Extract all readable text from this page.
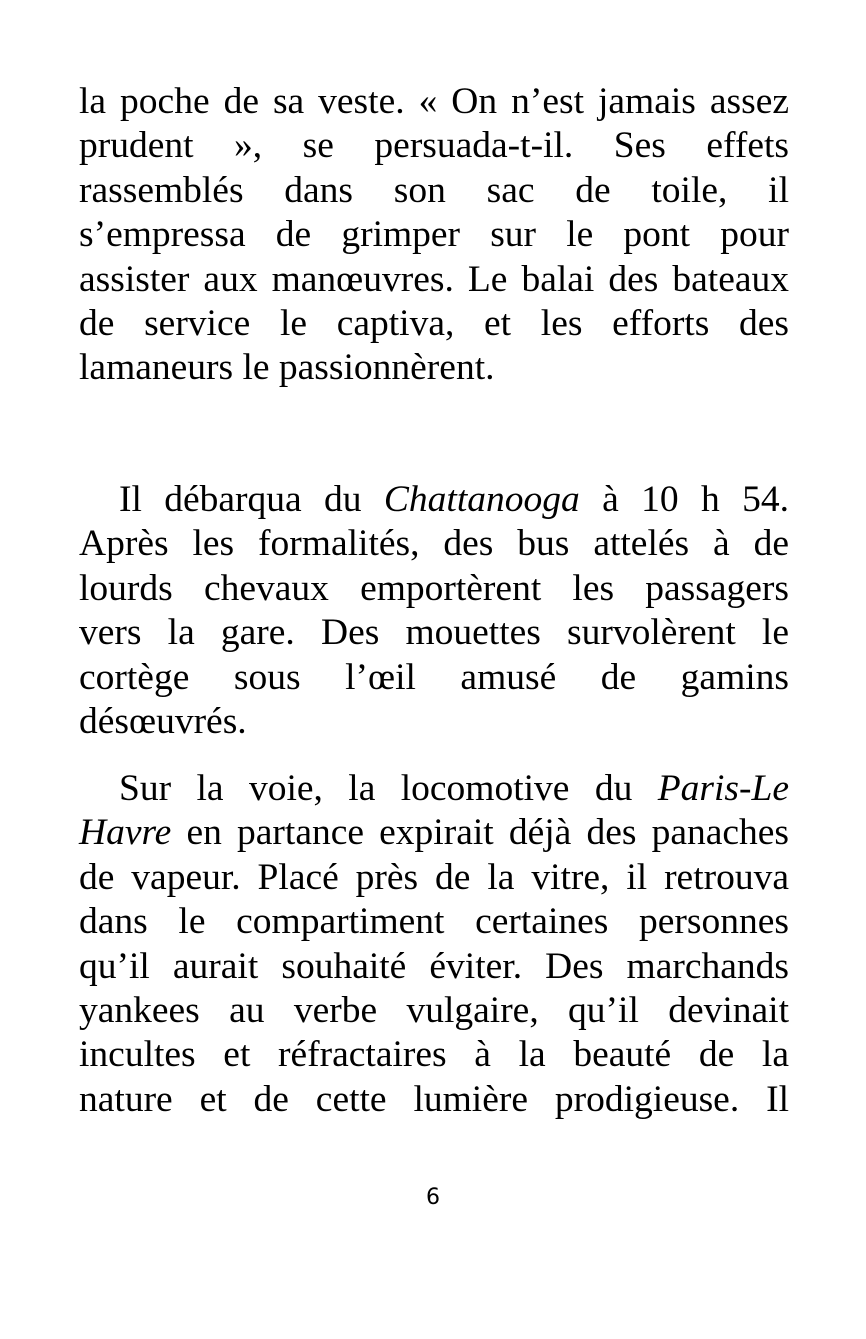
la poche de sa veste. « On n’est jamais assez
prudent », se persuada-t-il. Ses effets
rassemblés dans son sac de toile, il
s’empressa de grimper sur le pont pour
assister aux manœuvres. Le balai des bateaux
de service le captiva, et les efforts des
lamaneurs le passionnèrent.
Il débarqua du Chattanooga à 10 h 54.
Après les formalités, des bus attelés à de
lourds chevaux emportèrent les passagers
vers la gare. Des mouettes survolèrent le
cortège sous l’œil amusé de gamins
désœuvrés.
Sur la voie, la locomotive du Paris-Le
Havre en partance expirait déjà des panaches
de vapeur. Placé près de la vitre, il retrouva
dans le compartiment certaines personnes
qu’il aurait souhaité éviter. Des marchands
yankees au verbe vulgaire, qu’il devinait
incultes et réfractaires à la beauté de la
nature et de cette lumière prodigieuse. Il
6
